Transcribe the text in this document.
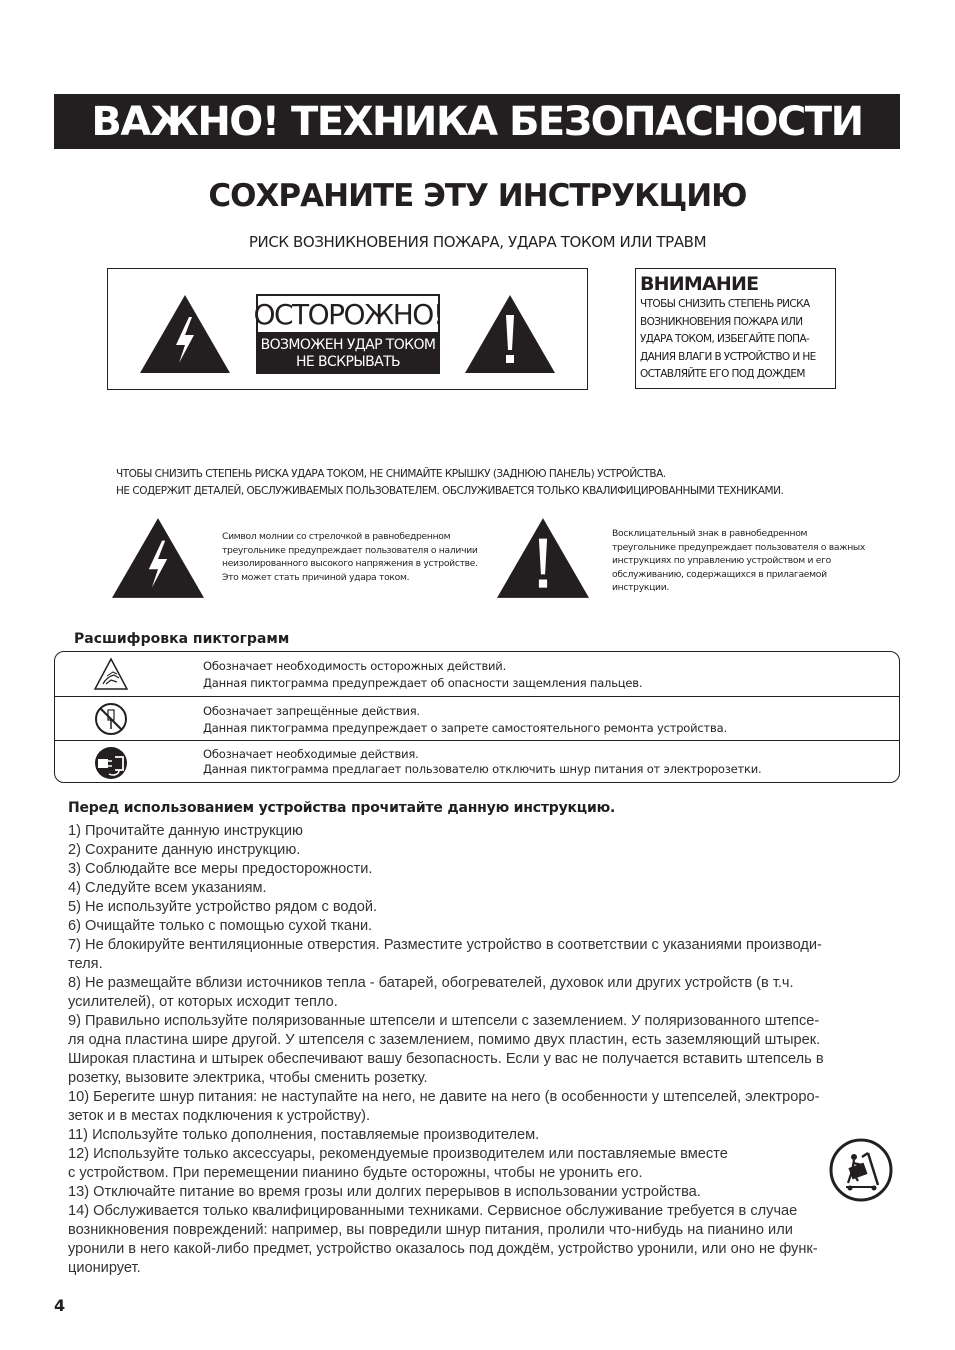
ВАЖНО! ТЕХНИКА БЕЗОПАСНОСТИ
СОХРАНИТЕ ЭТУ ИНСТРУКЦИЮ
РИСК ВОЗНИКНОВЕНИЯ ПОЖАРА, УДАРА ТОКОМ ИЛИ ТРАВМ
ОСТОРОЖНО!
ВОЗМОЖЕН УДАР ТОКОМ
НЕ ВСКРЫВАТЬ
ВНИМАНИЕ
ЧТОБЫ СНИЗИТЬ СТЕПЕНЬ РИСКА
ВОЗНИКНОВЕНИЯ ПОЖАРА ИЛИ
УДАРА ТОКОМ, ИЗБЕГАЙТЕ ПОПА-
ДАНИЯ ВЛАГИ В УСТРОЙСТВО И НЕ
ОСТАВЛЯЙТЕ ЕГО ПОД ДОЖДЕМ
ЧТОБЫ СНИЗИТЬ СТЕПЕНЬ РИСКА УДАРА ТОКОМ, НЕ СНИМАЙТЕ КРЫШКУ (ЗАДНЮЮ ПАНЕЛЬ) УСТРОЙСТВА.
НЕ СОДЕРЖИТ ДЕТАЛЕЙ, ОБСЛУЖИВАЕМЫХ ПОЛЬЗОВАТЕЛЕМ. ОБСЛУЖИВАЕТСЯ ТОЛЬКО КВАЛИФИЦИРОВАННЫМИ ТЕХНИКАМИ.
Символ молнии со стрелочкой в равнобедренном
треугольнике предупреждает пользователя о наличии
неизолированного высокого напряжения в устройстве.
Это может стать причиной удара током.
Восклицательный знак в равнобедренном
треугольнике предупреждает пользователя о важных
инструкциях по управлению устройством и его
обслуживанию, содержащихся в прилагаемой
инструкции.
Расшифровка пиктограмм
Обозначает необходимость осторожных действий.
Данная пиктограмма предупреждает об опасности защемления пальцев.
Обозначает запрещённые действия.
Данная пиктограмма предупреждает о запрете самостоятельного ремонта устройства.
Обозначает необходимые действия.
Данная пиктограмма предлагает пользователю отключить шнур питания от электророзетки.
Перед использованием устройства прочитайте данную инструкцию.
1) Прочитайте данную инструкцию
2) Сохраните данную инструкцию.
3) Соблюдайте все меры предосторожности.
4) Следуйте всем указаниям.
5) Не используйте устройство рядом с водой.
6) Очищайте только с помощью сухой ткани.
7) Не блокируйте вентиляционные отверстия. Разместите устройство в соответствии с указаниями производи-
теля.
8) Не размещайте вблизи источников тепла - батарей, обогревателей, духовок или других устройств (в т.ч.
усилителей), от которых исходит тепло.
9) Правильно используйте поляризованные штепсели и штепсели с заземлением. У поляризованного штепсе-
ля одна пластина шире другой. У штепселя с заземлением, помимо двух пластин, есть заземляющий штырек.
Широкая пластина и штырек обеспечивают вашу безопасность. Если у вас не получается вставить штепсель в
розетку, вызовите электрика, чтобы сменить розетку.
10) Берегите шнур питания: не наступайте на него, не давите на него (в особенности у штепселей, электроро-
зеток и в местах подключения к устройству).
11) Используйте только дополнения, поставляемые производителем.
12) Используйте только аксессуары, рекомендуемые производителем или поставляемые вместе
с устройством. При перемещении пианино будьте осторожны, чтобы не уронить его.
13) Отключайте питание во время грозы или долгих перерывов в использовании устройства.
14) Обслуживается только квалифицированными техниками. Сервисное обслуживание требуется в случае
возникновения повреждений: например, вы повредили шнур питания, пролили что-нибудь на пианино или
уронили в него какой-либо предмет, устройство оказалось под дождём, устройство уронили, или оно не функ-
ционирует.
4
